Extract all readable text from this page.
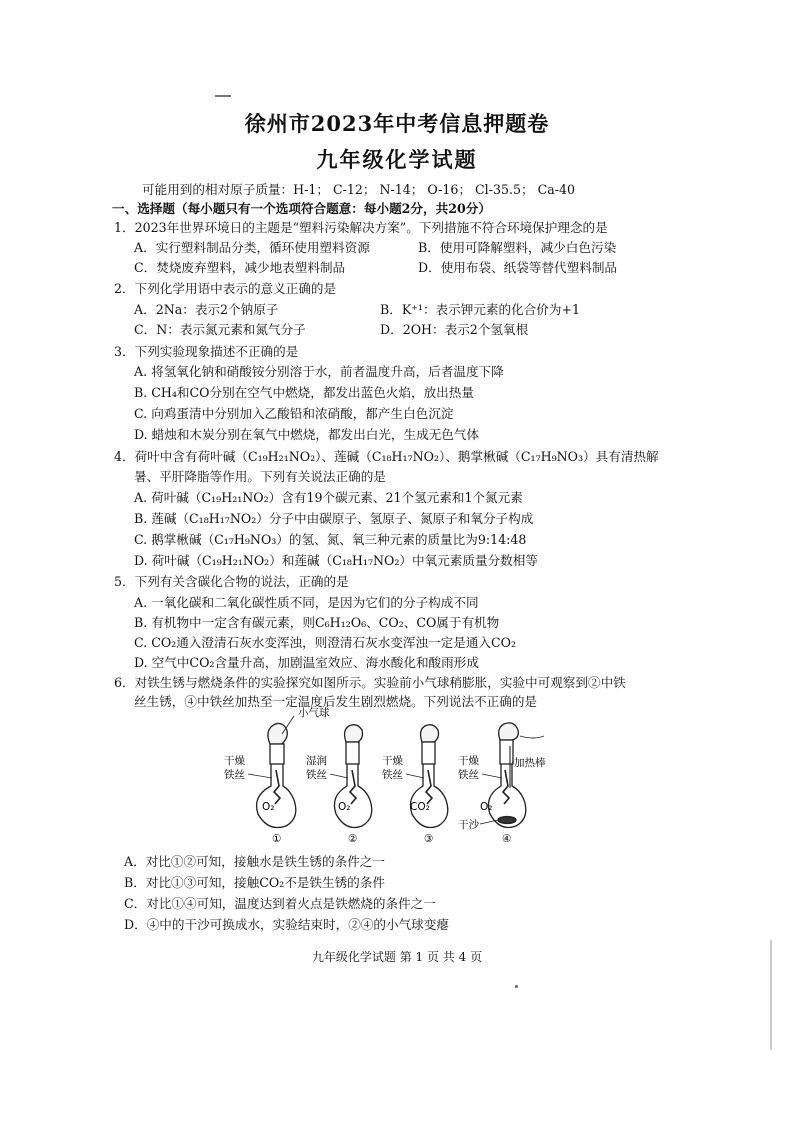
徐州市2023年中考信息押题卷
九年级化学试题
可能用到的相对原子质量：H-1； C-12； N-14； O-16； Cl-35.5； Ca-40
一、选择题（每小题只有一个选项符合题意：每小题2分，共20分）
1．2023年世界环境日的主题是“塑料污染解决方案”。下列措施不符合环境保护理念的是
A．实行塑料制品分类，循环使用塑料资源	B．使用可降解塑料，减少白色污染
C．焚烧废弃塑料，减少地表塑料制品	D．使用布袋、纸袋等替代塑料制品
2．下列化学用语中表示的意义正确的是
A．2Na：表示2个钠原子	B．K⁺¹：表示钾元素的化合价为+1
C．N：表示氮元素和氮气分子	D．2OH：表示2个氢氧根
3．下列实验现象描述不正确的是
A. 将氢氧化钠和硝酸铵分别溶于水，前者温度升高，后者温度下降
B. CH₄和CO分别在空气中燃烧，都发出蓝色火焰，放出热量
C. 向鸡蛋清中分别加入乙酸铅和浓硝酸，都产生白色沉淀
D. 蜡烛和木炭分别在氧气中燃烧，都发出白光，生成无色气体
4．荷叶中含有荷叶碱（C₁₉H₂₁NO₂）、莲碱（C₁₈H₁₇NO₂）、鹅掌楸碱（C₁₇H₉NO₃）具有清热解
暑、平肝降脂等作用。下列有关说法正确的是
A. 荷叶碱（C₁₉H₂₁NO₂）含有19个碳元素、21个氢元素和1个氮元素
B. 莲碱（C₁₈H₁₇NO₂）分子中由碳原子、氢原子、氮原子和氧分子构成
C. 鹅掌楸碱（C₁₇H₉NO₃）的氢、氮、氧三种元素的质量比为9:14:48
D. 荷叶碱（C₁₉H₂₁NO₂）和莲碱（C₁₈H₁₇NO₂）中氧元素质量分数相等
5．下列有关含碳化合物的说法，正确的是
A. 一氧化碳和二氧化碳性质不同，是因为它们的分子构成不同
B. 有机物中一定含有碳元素，则C₆H₁₂O₆、CO₂、CO属于有机物
C. CO₂通入澄清石灰水变浑浊，则澄清石灰水变浑浊一定是通入CO₂
D. 空气中CO₂含量升高，加剧温室效应、海水酸化和酸雨形成
6．对铁生锈与燃烧条件的实验探究如图所示。实验前小气球稍膨胀，实验中可观察到②中铁
丝生锈，④中铁丝加热至一定温度后发生剧烈燃烧。下列说法不正确的是
小气球
干燥
铁丝
O₂
①
湿润
铁丝
O₂
②
干燥
铁丝
CO₂
③
干燥
铁丝
加热棒
O₂
干沙
④
A．对比①②可知，接触水是铁生锈的条件之一
B．对比①③可知，接触CO₂不是铁生锈的条件
C．对比①④可知，温度达到着火点是铁燃烧的条件之一
D．④中的干沙可换成水，实验结束时，②④的小气球变瘪
九年级化学试题 第 1 页 共 4 页
